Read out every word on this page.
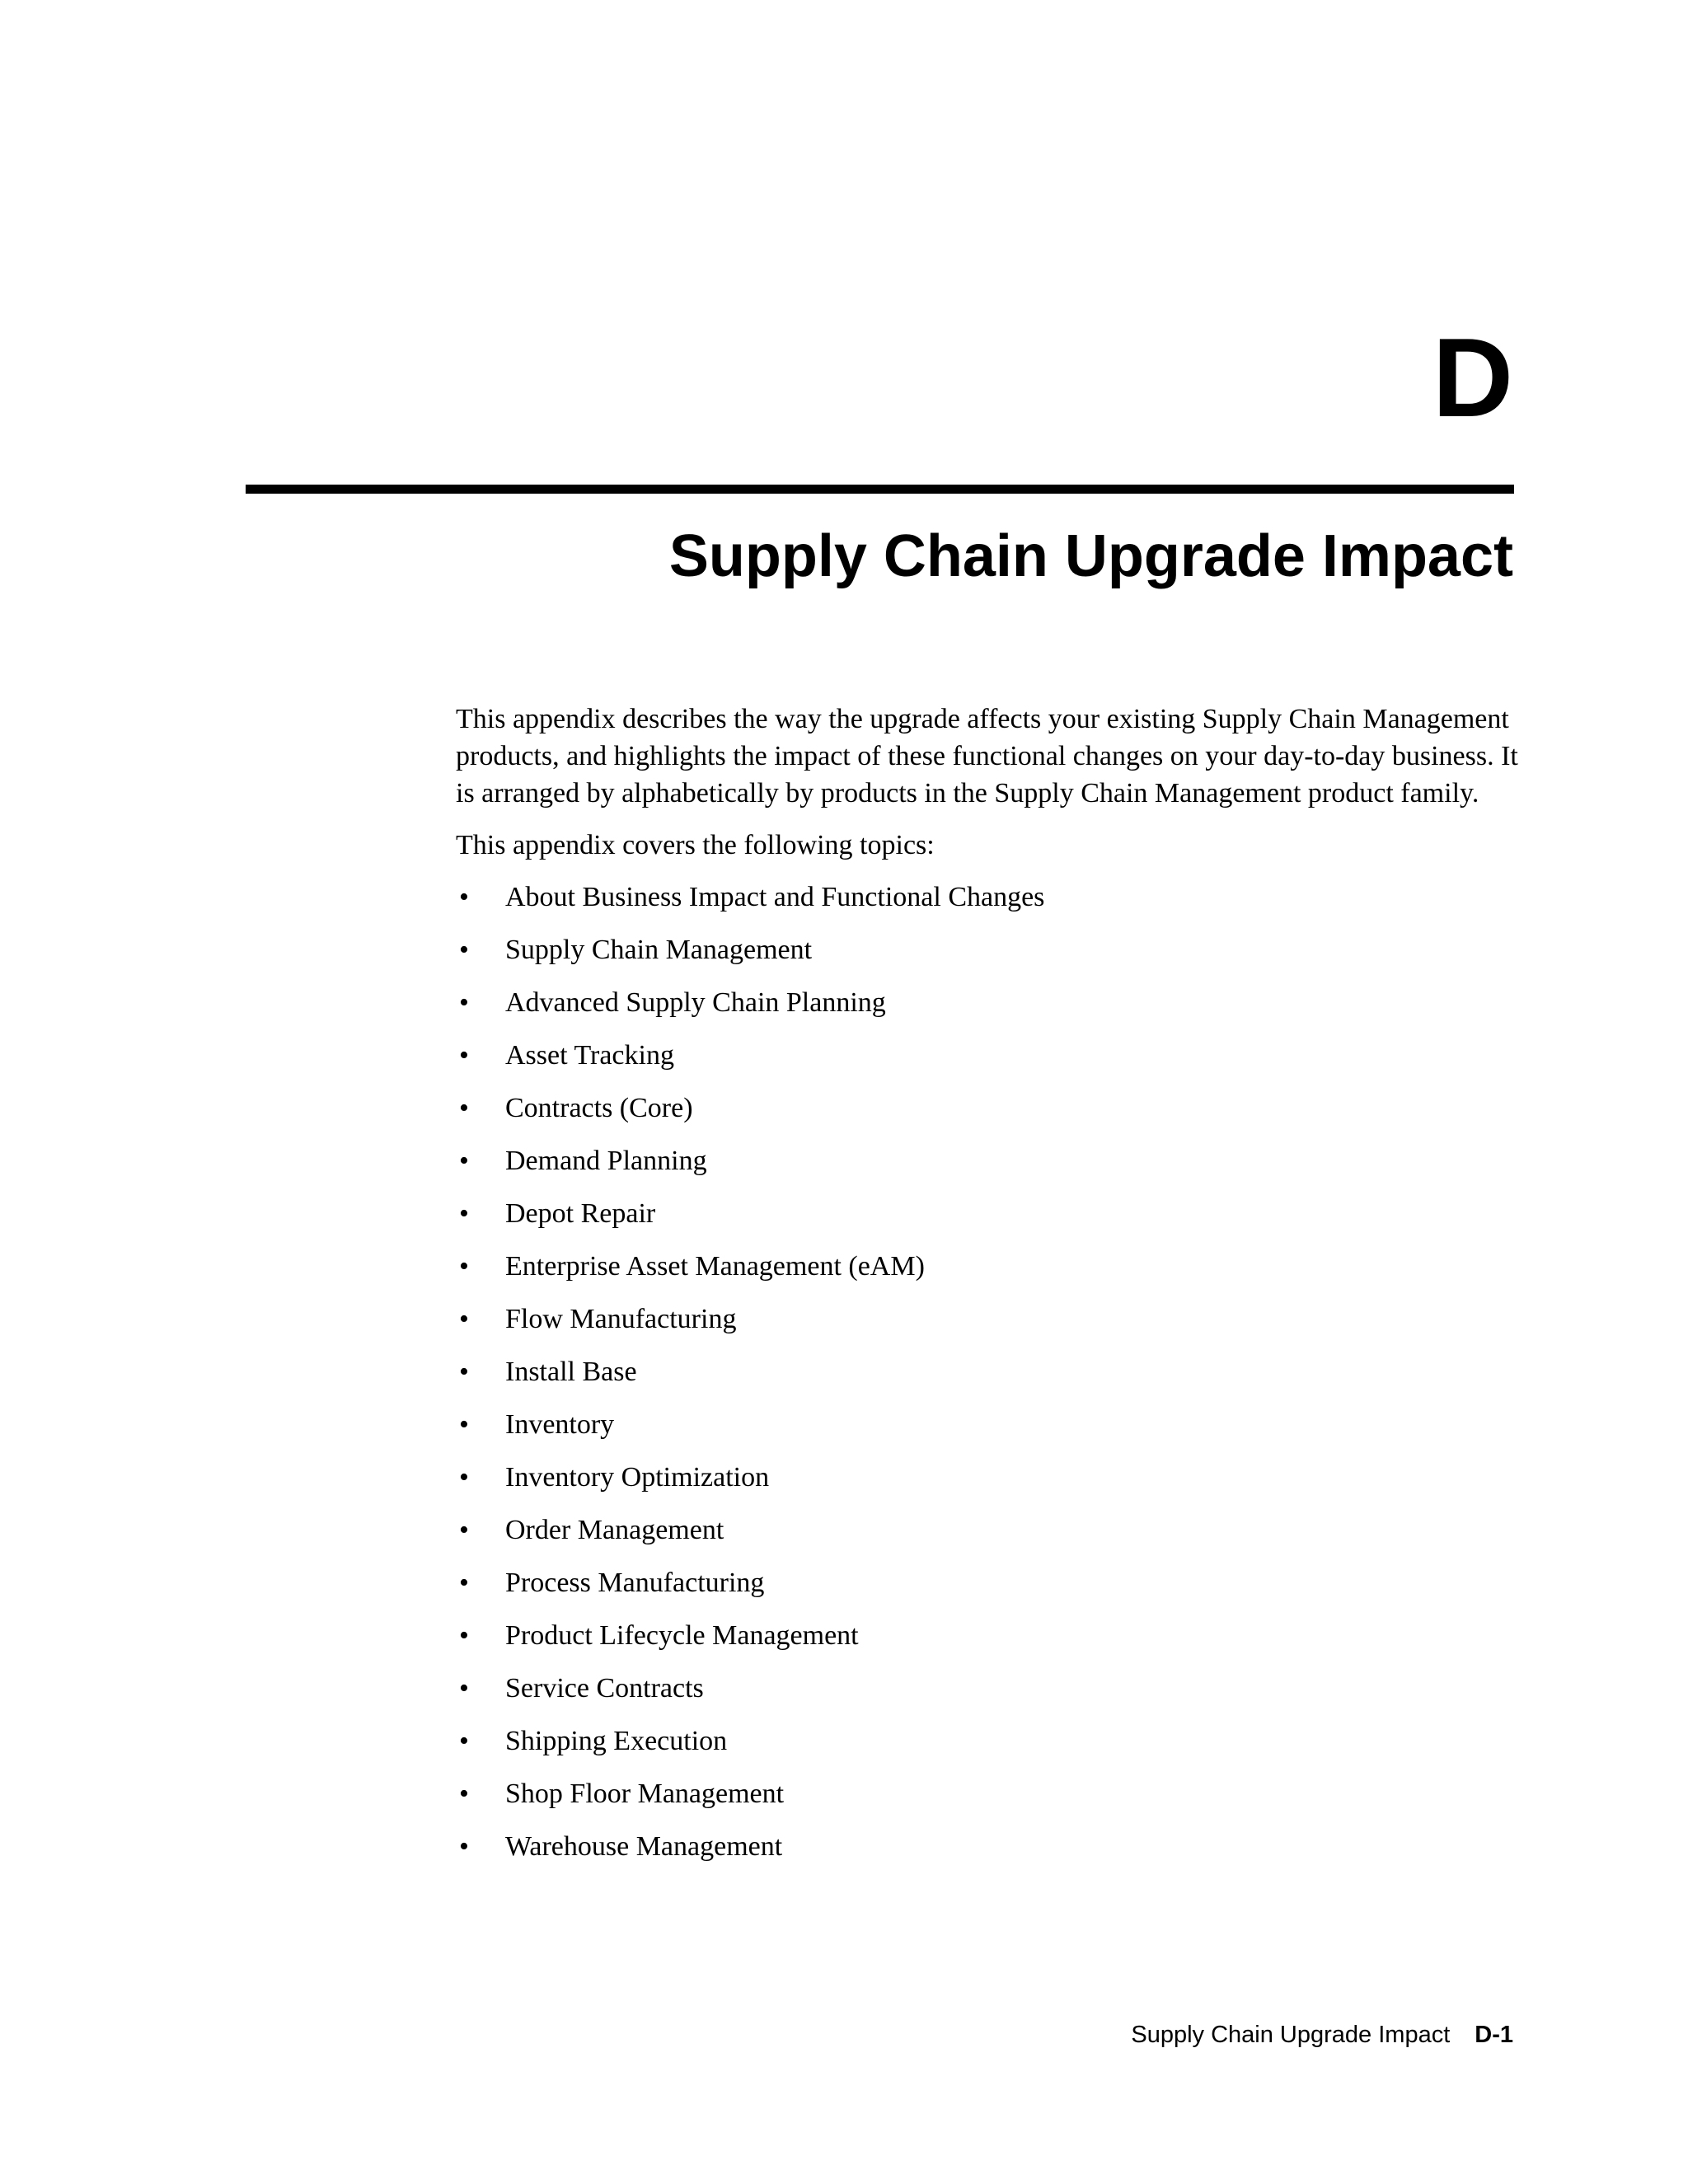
D
Supply Chain Upgrade Impact

This appendix describes the way the upgrade affects your existing Supply Chain Management products, and highlights the impact of these functional changes on your day-to-day business. It is arranged by alphabetically by products in the Supply Chain Management product family.

This appendix covers the following topics:

• About Business Impact and Functional Changes
• Supply Chain Management
• Advanced Supply Chain Planning
• Asset Tracking
• Contracts (Core)
• Demand Planning
• Depot Repair
• Enterprise Asset Management (eAM)
• Flow Manufacturing
• Install Base
• Inventory
• Inventory Optimization
• Order Management
• Process Manufacturing
• Product Lifecycle Management
• Service Contracts
• Shipping Execution
• Shop Floor Management
• Warehouse Management
Supply Chain Upgrade Impact D-1
